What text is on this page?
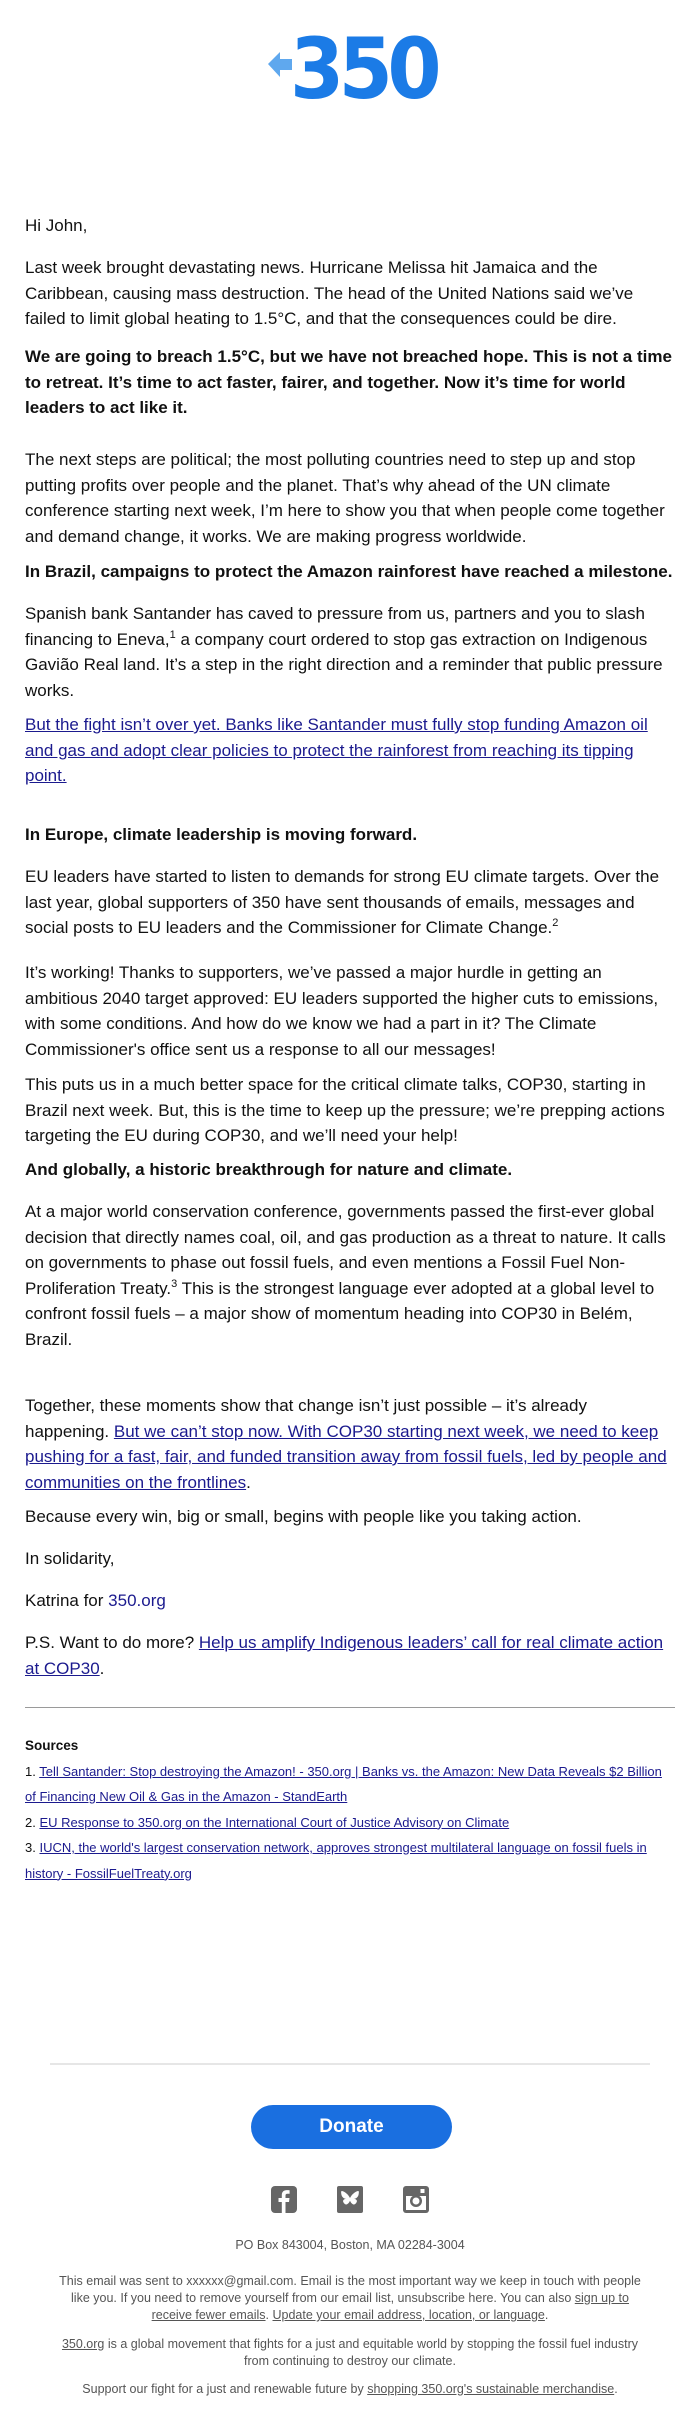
350
Hi John,
Last week brought devastating news. Hurricane Melissa hit Jamaica and the Caribbean, causing mass destruction. The head of the United Nations said we’ve failed to limit global heating to 1.5°C, and that the consequences could be dire.
We are going to breach 1.5°C, but we have not breached hope. This is not a time to retreat. It’s time to act faster, fairer, and together. Now it’s time for world leaders to act like it.
The next steps are political; the most polluting countries need to step up and stop putting profits over people and the planet. That’s why ahead of the UN climate conference starting next week, I’m here to show you that when people come together and demand change, it works. We are making progress worldwide.
In Brazil, campaigns to protect the Amazon rainforest have reached a milestone.
Spanish bank Santander has caved to pressure from us, partners and you to slash financing to Eneva,$^1$ a company court ordered to stop gas extraction on Indigenous Gavião Real land. It’s a step in the right direction and a reminder that public pressure works.
But the fight isn’t over yet. Banks like Santander must fully stop funding Amazon oil and gas and adopt clear policies to protect the rainforest from reaching its tipping point.
In Europe, climate leadership is moving forward.
EU leaders have started to listen to demands for strong EU climate targets. Over the last year, global supporters of 350 have sent thousands of emails, messages and social posts to EU leaders and the Commissioner for Climate Change.$^2$
It’s working! Thanks to supporters, we’ve passed a major hurdle in getting an ambitious 2040 target approved: EU leaders supported the higher cuts to emissions, with some conditions. And how do we know we had a part in it? The Climate Commissioner's office sent us a response to all our messages!
This puts us in a much better space for the critical climate talks, COP30, starting in Brazil next week. But, this is the time to keep up the pressure; we’re prepping actions targeting the EU during COP30, and we’ll need your help!
And globally, a historic breakthrough for nature and climate.
At a major world conservation conference, governments passed the first-ever global decision that directly names coal, oil, and gas production as a threat to nature. It calls on governments to phase out fossil fuels, and even mentions a Fossil Fuel Non-Proliferation Treaty.$^3$ This is the strongest language ever adopted at a global level to confront fossil fuels – a major show of momentum heading into COP30 in Belém, Brazil.
Together, these moments show that change isn’t just possible – it’s already happening. But we can’t stop now. With COP30 starting next week, we need to keep pushing for a fast, fair, and funded transition away from fossil fuels, led by people and communities on the frontlines.
Because every win, big or small, begins with people like you taking action.
In solidarity,
Katrina for 350.org
P.S. Want to do more? Help us amplify Indigenous leaders’ call for real climate action at COP30.
Sources
1. Tell Santander: Stop destroying the Amazon! - 350.org | Banks vs. the Amazon: New Data Reveals $2 Billion of Financing New Oil & Gas in the Amazon - StandEarth
2. EU Response to 350.org on the International Court of Justice Advisory on Climate
3. IUCN, the world's largest conservation network, approves strongest multilateral language on fossil fuels in history - FossilFuelTreaty.org
Donate
PO Box 843004, Boston, MA 02284-3004
This email was sent to xxxxxx@gmail.com. Email is the most important way we keep in touch with people like you. If you need to remove yourself from our email list, unsubscribe here. You can also sign up to receive fewer emails. Update your email address, location, or language.
350.org is a global movement that fights for a just and equitable world by stopping the fossil fuel industry from continuing to destroy our climate.
Support our fight for a just and renewable future by shopping 350.org's sustainable merchandise.
